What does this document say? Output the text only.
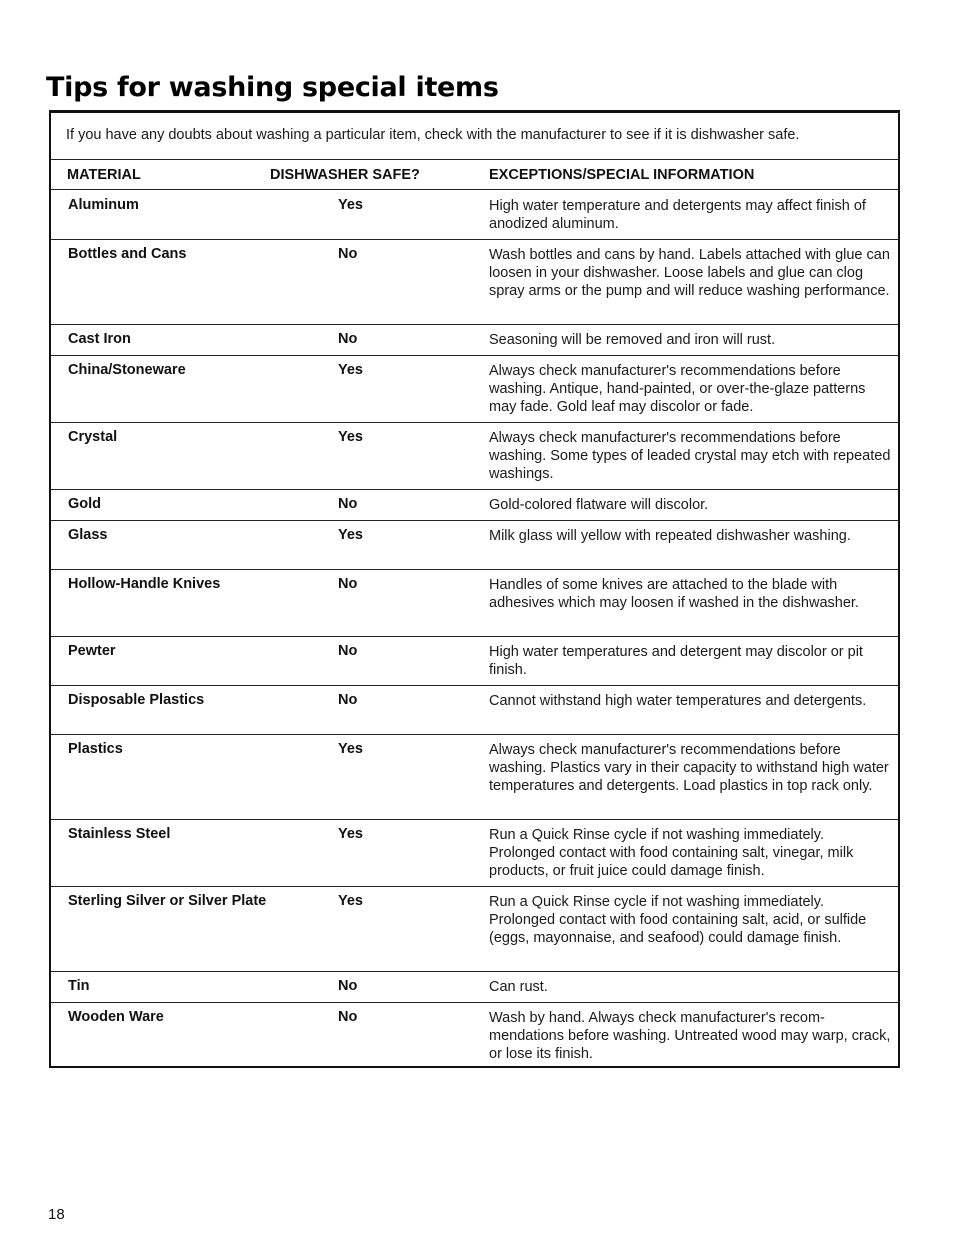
Tips for washing special items
If you have any doubts about washing a particular item, check with the manufacturer to see if it is dishwasher safe.
MATERIAL	DISHWASHER SAFE?	EXCEPTIONS/SPECIAL INFORMATION
Aluminum	Yes	High water temperature and detergents may affect finish of anodized aluminum.
Bottles and Cans	No	Wash bottles and cans by hand. Labels attached with glue can loosen in your dishwasher. Loose labels and glue can clog spray arms or the pump and will reduce washing performance.
Cast Iron	No	Seasoning will be removed and iron will rust.
China/Stoneware	Yes	Always check manufacturer's recommendations before washing. Antique, hand-painted, or over-the-glaze patterns may fade. Gold leaf may discolor or fade.
Crystal	Yes	Always check manufacturer's recommendations before washing. Some types of leaded crystal may etch with repeated washings.
Gold	No	Gold-colored flatware will discolor.
Glass	Yes	Milk glass will yellow with repeated dishwasher washing.
Hollow-Handle Knives	No	Handles of some knives are attached to the blade with adhesives which may loosen if washed in the dishwasher.
Pewter	No	High water temperatures and detergent may discolor or pit finish.
Disposable Plastics	No	Cannot withstand high water temperatures and detergents.
Plastics	Yes	Always check manufacturer's recommendations before washing. Plastics vary in their capacity to withstand high water temperatures and detergents. Load plastics in top rack only.
Stainless Steel	Yes	Run a Quick Rinse cycle if not washing immediately. Prolonged contact with food containing salt, vinegar, milk products, or fruit juice could damage finish.
Sterling Silver or Silver Plate	Yes	Run a Quick Rinse cycle if not washing immediately. Prolonged contact with food containing salt, acid, or sulfide (eggs, mayonnaise, and seafood) could damage finish.
Tin	No	Can rust.
Wooden Ware	No	Wash by hand. Always check manufacturer's recom-mendations before washing. Untreated wood may warp, crack, or lose its finish.
18
